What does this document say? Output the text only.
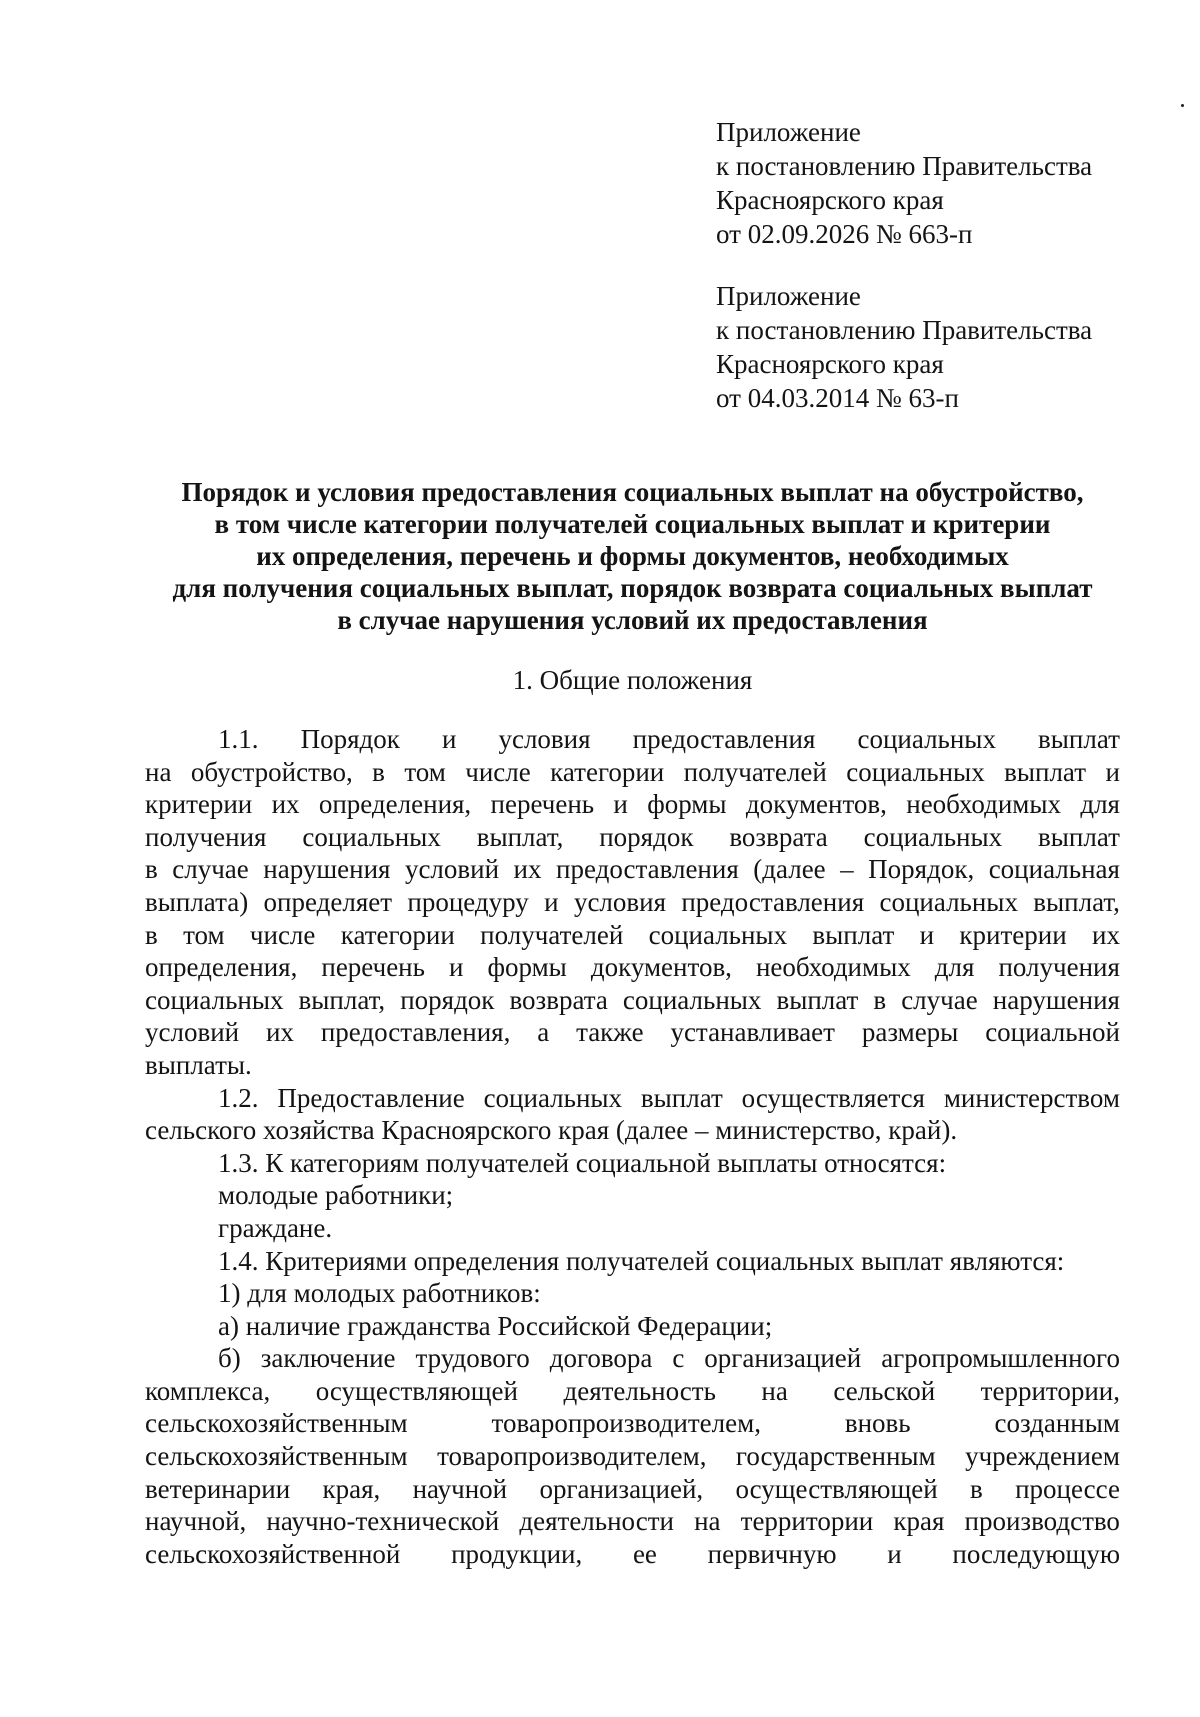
Приложение
к постановлению Правительства
Красноярского края
от 02.09.2026 № 663-п
Приложение
к постановлению Правительства
Красноярского края
от 04.03.2014 № 63-п
Порядок и условия предоставления социальных выплат на обустройство,
в том числе категории получателей социальных выплат и критерии
их определения, перечень и формы документов, необходимых
для получения социальных выплат, порядок возврата социальных выплат
в случае нарушения условий их предоставления
1. Общие положения
1.1. Порядок и условия предоставления социальных выплат
на обустройство, в том числе категории получателей социальных выплат и
критерии их определения, перечень и формы документов, необходимых для
получения социальных выплат, порядок возврата социальных выплат
в случае нарушения условий их предоставления (далее – Порядок, социальная
выплата) определяет процедуру и условия предоставления социальных выплат,
в том числе категории получателей социальных выплат и критерии их
определения, перечень и формы документов, необходимых для получения
социальных выплат, порядок возврата социальных выплат в случае нарушения
условий их предоставления, а также устанавливает размеры социальной
выплаты.
1.2. Предоставление социальных выплат осуществляется министерством
сельского хозяйства Красноярского края (далее – министерство, край).
1.3. К категориям получателей социальной выплаты относятся:
молодые работники;
граждане.
1.4. Критериями определения получателей социальных выплат являются:
1) для молодых работников:
а) наличие гражданства Российской Федерации;
б) заключение трудового договора с организацией агропромышленного
комплекса, осуществляющей деятельность на сельской территории,
сельскохозяйственным	товаропроизводителем,	вновь	созданным
сельскохозяйственным товаропроизводителем, государственным учреждением
ветеринарии края, научной организацией, осуществляющей в процессе
научной, научно-технической деятельности на территории края производство
сельскохозяйственной продукции, ее первичную и последующую
